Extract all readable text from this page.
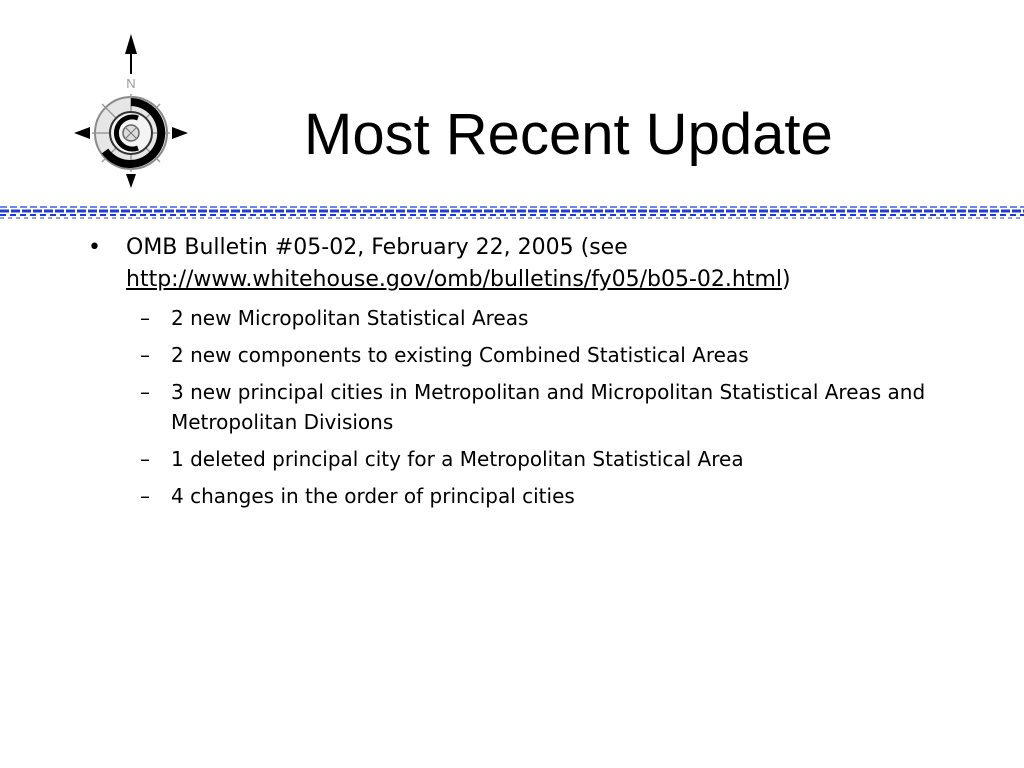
N
Most Recent Update
• OMB Bulletin #05-02, February 22, 2005 (see
http://www.whitehouse.gov/omb/bulletins/fy05/b05-02.html)
– 2 new Micropolitan Statistical Areas
– 2 new components to existing Combined Statistical Areas
– 3 new principal cities in Metropolitan and Micropolitan Statistical Areas and Metropolitan Divisions
– 1 deleted principal city for a Metropolitan Statistical Area
– 4 changes in the order of principal cities
